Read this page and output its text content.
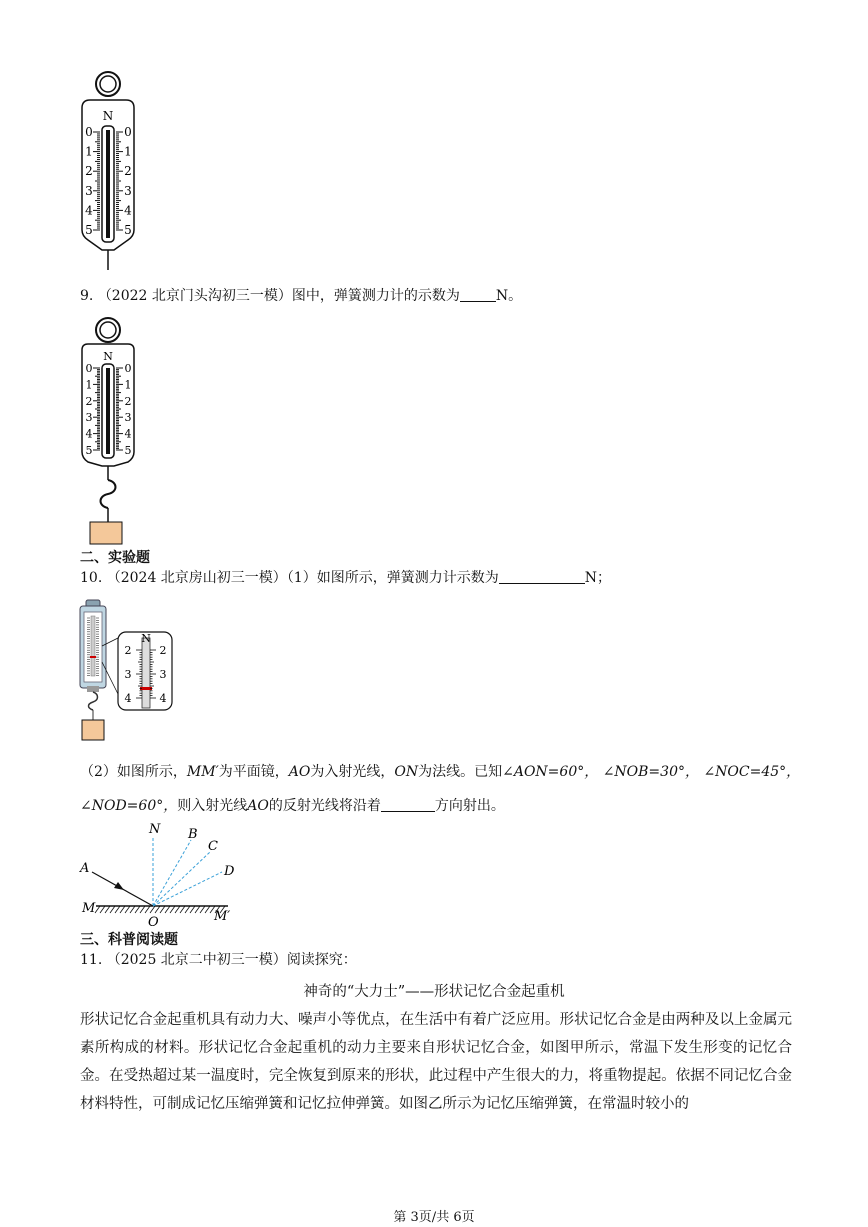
N
0
1
2
3
4
5
0
1
2
3
4
5
9. （2022 北京门头沟初三一模）图中，弹簧测力计的示数为	N。
N
0
1
2
3
4
5
0
1
2
3
4
5
二、实验题
10. （2024 北京房山初三一模）（1）如图所示，弹簧测力计示数为	N；
N
2
3
4
2
3
4
（2）如图所示，MM′为平面镜，AO为入射光线，ON为法线。已知∠AON=60°， ∠NOB=30°， ∠NOC=45°，
∠NOD=60°，则入射光线AO的反射光线将沿着	方向射出。
N B
C
D
A
M
M′
O
三、科普阅读题
11. （2025 北京二中初三一模）阅读探究：
神奇的“大力士”——形状记忆合金起重机
形状记忆合金起重机具有动力大、噪声小等优点，在生活中有着广泛应用。形状记忆合金是由两种及以上金属元素所构成的材料。形状记忆合金起重机的动力主要来自形状记忆合金，如图甲所示，常温下发生形变的记忆合金。在受热超过某一温度时，完全恢复到原来的形状，此过程中产生很大的力，将重物提起。依据不同记忆合金材料特性，可制成记忆压缩弹簧和记忆拉伸弹簧。如图乙所示为记忆压缩弹簧，在常温时较小的
第 3页/共 6页
